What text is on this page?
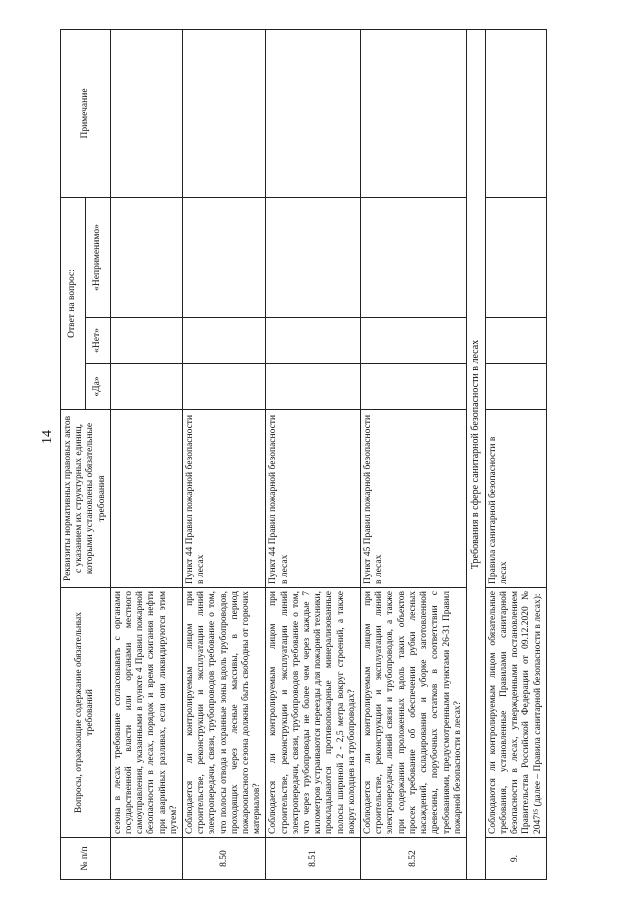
14
№ п/п	Вопросы, отражающие содержание обязательных требований	Реквизиты нормативных правовых актов с указанием их структурных единиц, которыми установлены обязательные требования	Ответ на вопрос:			Примечание
			«Да»	«Нет»	«Неприменимо»	
	сезона в лесах требование согласовывать с органами государственной власти или органами местного самоуправления, указанными в пункте 4 Правил пожарной безопасности в лесах, порядок и время сжигания нефти при аварийных разливах, если они ликвидируются этим путем?					
8.50	Соблюдается ли контролируемым лицом при строительстве, реконструкции и эксплуатации линий электропередачи, связи, трубопроводов требование о том, что полосы отвода и охранные зоны вдоль трубопроводов, проходящих через лесные массивы, в период пожароопасного сезона должны быть свободны от горючих материалов?	Пункт 44 Правил пожарной безопасности в лесах				
8.51	Соблюдается ли контролируемым лицом при строительстве, реконструкции и эксплуатации линий электропередачи, связи, трубопроводов требование о том, что через трубопроводы не более чем через каждые 7 километров устраиваются переезды для пожарной техники, прокладываются противопожарные минерализованные полосы шириной 2 - 2,5 метра вокруг строений, а также вокруг колодцев на трубопроводах?	Пункт 44 Правил пожарной безопасности в лесах				
8.52	Соблюдается ли контролируемым лицом при строительстве, реконструкции и эксплуатации линий электропередачи, линий связи и трубопроводов, а также при содержании проложенных вдоль таких объектов просек требование об обеспечении рубки лесных насаждений, складирования и уборке заготовленной древесины, порубочных остатков в соответствии с требованиями, предусмотренными пунктами 26-31 Правил пожарной безопасности в лесах?	Пункт 45 Правил пожарной безопасности в лесах				
Требования в сфере санитарной безопасности в лесах						
9.	Соблюдаются ли контролируемым лицом обязательные требования, установленные Правилами санитарной безопасности в лесах, утвержденными постановлением Правительства Российской Федерации от 09.12.2020 № 2047¹⁵ (далее – Правила санитарной безопасности в лесах):	Правила санитарной безопасности в лесах				
